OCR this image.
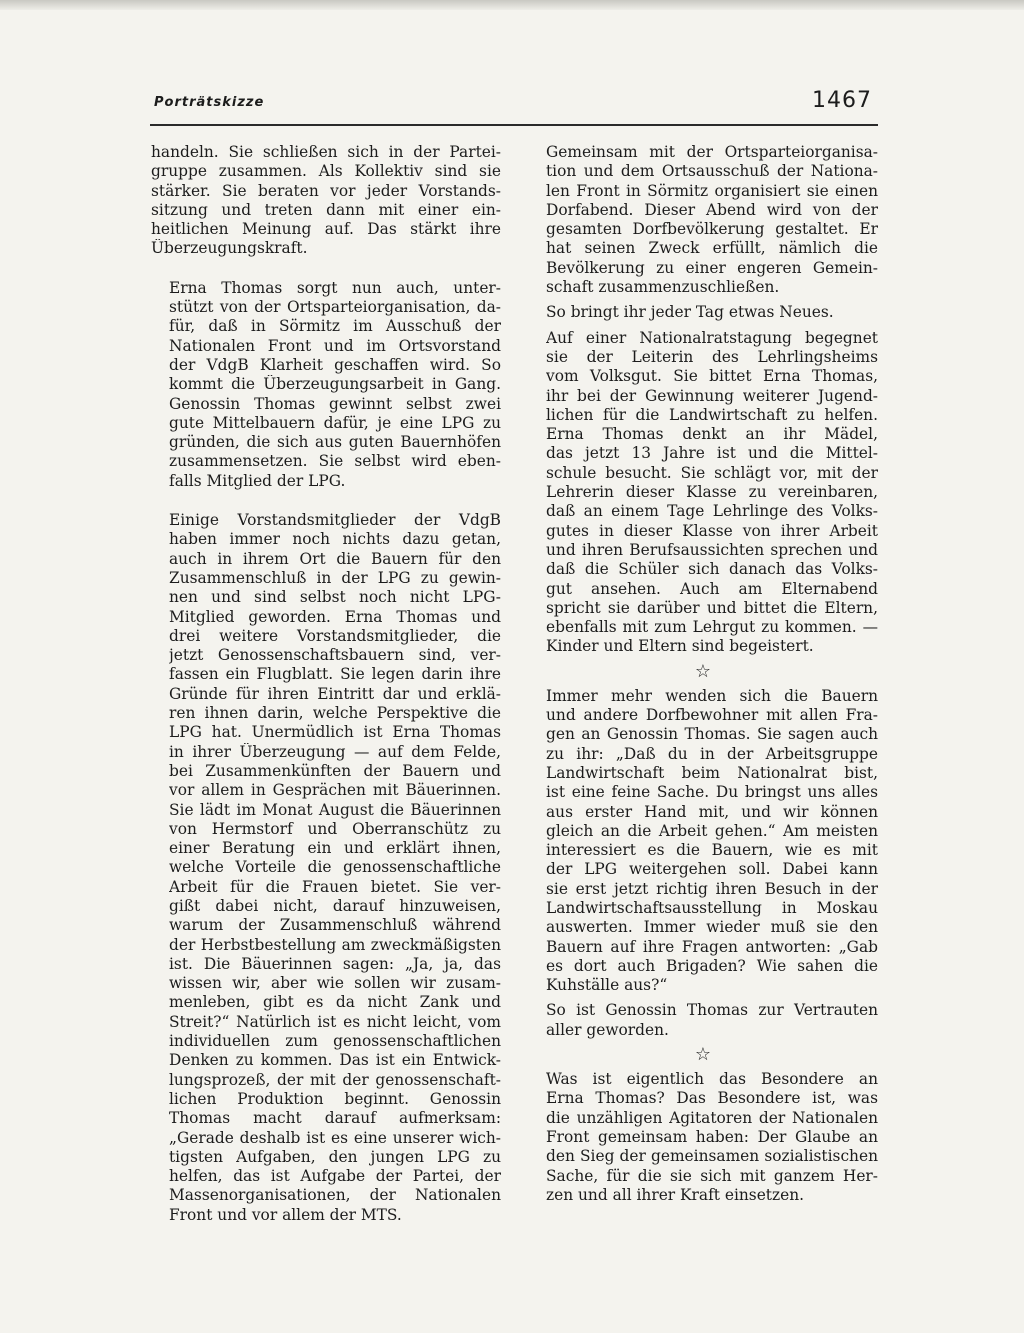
Porträtskizze	1467
handeln. Sie schließen sich in der Partei-
gruppe zusammen. Als Kollektiv sind sie
stärker. Sie beraten vor jeder Vorstands-
sitzung und treten dann mit einer ein-
heitlichen Meinung auf. Das stärkt ihre
Überzeugungskraft.
Erna Thomas sorgt nun auch, unter-
stützt von der Ortsparteiorganisation, da-
für, daß in Sörmitz im Ausschuß der
Nationalen Front und im Ortsvorstand
der VdgB Klarheit geschaffen wird. So
kommt die Überzeugungsarbeit in Gang.
Genossin Thomas gewinnt selbst zwei
gute Mittelbauern dafür, je eine LPG zu
gründen, die sich aus guten Bauernhöfen
zusammensetzen. Sie selbst wird eben-
falls Mitglied der LPG.
Einige Vorstandsmitglieder der VdgB
haben immer noch nichts dazu getan,
auch in ihrem Ort die Bauern für den
Zusammenschluß in der LPG zu gewin-
nen und sind selbst noch nicht LPG-
Mitglied geworden. Erna Thomas und
drei weitere Vorstandsmitglieder, die
jetzt Genossenschaftsbauern sind, ver-
fassen ein Flugblatt. Sie legen darin ihre
Gründe für ihren Eintritt dar und erklä-
ren ihnen darin, welche Perspektive die
LPG hat. Unermüdlich ist Erna Thomas
in ihrer Überzeugung — auf dem Felde,
bei Zusammenkünften der Bauern und
vor allem in Gesprächen mit Bäuerinnen.
Sie lädt im Monat August die Bäuerinnen
von Hermstorf und Oberranschütz zu
einer Beratung ein und erklärt ihnen,
welche Vorteile die genossenschaftliche
Arbeit für die Frauen bietet. Sie ver-
gißt dabei nicht, darauf hinzuweisen,
warum der Zusammenschluß während
der Herbstbestellung am zweckmäßigsten
ist. Die Bäuerinnen sagen: „Ja, ja, das
wissen wir, aber wie sollen wir zusam-
menleben, gibt es da nicht Zank und
Streit?“ Natürlich ist es nicht leicht, vom
individuellen zum genossenschaftlichen
Denken zu kommen. Das ist ein Entwick-
lungsprozeß, der mit der genossenschaft-
lichen Produktion beginnt. Genossin
Thomas macht darauf aufmerksam:
„Gerade deshalb ist es eine unserer wich-
tigsten Aufgaben, den jungen LPG zu
helfen, das ist Aufgabe der Partei, der
Massenorganisationen, der Nationalen
Front und vor allem der MTS.
Gemeinsam mit der Ortsparteiorganisa-
tion und dem Ortsausschuß der Nationa-
len Front in Sörmitz organisiert sie einen
Dorfabend. Dieser Abend wird von der
gesamten Dorfbevölkerung gestaltet. Er
hat seinen Zweck erfüllt, nämlich die
Bevölkerung zu einer engeren Gemein-
schaft zusammenzuschließen.
So bringt ihr jeder Tag etwas Neues.
Auf einer Nationalratstagung begegnet
sie der Leiterin des Lehrlingsheims
vom Volksgut. Sie bittet Erna Thomas,
ihr bei der Gewinnung weiterer Jugend-
lichen für die Landwirtschaft zu helfen.
Erna Thomas denkt an ihr Mädel,
das jetzt 13 Jahre ist und die Mittel-
schule besucht. Sie schlägt vor, mit der
Lehrerin dieser Klasse zu vereinbaren,
daß an einem Tage Lehrlinge des Volks-
gutes in dieser Klasse von ihrer Arbeit
und ihren Berufsaussichten sprechen und
daß die Schüler sich danach das Volks-
gut ansehen. Auch am Elternabend
spricht sie darüber und bittet die Eltern,
ebenfalls mit zum Lehrgut zu kommen. —
Kinder und Eltern sind begeistert.
☆
Immer mehr wenden sich die Bauern
und andere Dorfbewohner mit allen Fra-
gen an Genossin Thomas. Sie sagen auch
zu ihr: „Daß du in der Arbeitsgruppe
Landwirtschaft beim Nationalrat bist,
ist eine feine Sache. Du bringst uns alles
aus erster Hand mit, und wir können
gleich an die Arbeit gehen.“ Am meisten
interessiert es die Bauern, wie es mit
der LPG weitergehen soll. Dabei kann
sie erst jetzt richtig ihren Besuch in der
Landwirtschaftsausstellung in Moskau
auswerten. Immer wieder muß sie den
Bauern auf ihre Fragen antworten: „Gab
es dort auch Brigaden? Wie sahen die
Kuhställe aus?“
So ist Genossin Thomas zur Vertrauten
aller geworden.
☆
Was ist eigentlich das Besondere an
Erna Thomas? Das Besondere ist, was
die unzähligen Agitatoren der Nationalen
Front gemeinsam haben: Der Glaube an
den Sieg der gemeinsamen sozialistischen
Sache, für die sie sich mit ganzem Her-
zen und all ihrer Kraft einsetzen.
